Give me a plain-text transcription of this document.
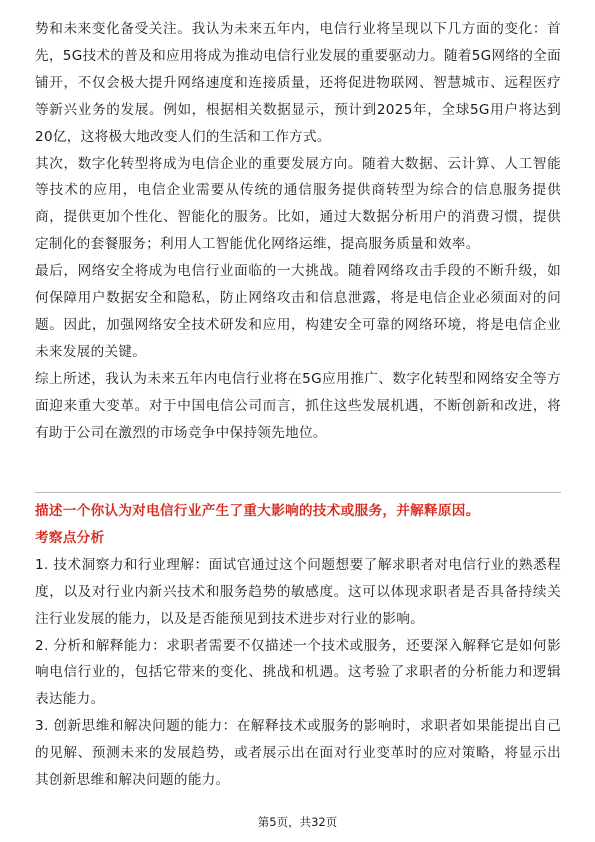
势和未来变化备受关注。我认为未来五年内，电信行业将呈现以下几方面的变化：首先，5G技术的普及和应用将成为推动电信行业发展的重要驱动力。随着5G网络的全面铺开，不仅会极大提升网络速度和连接质量，还将促进物联网、智慧城市、远程医疗等新兴业务的发展。例如，根据相关数据显示，预计到2025年，全球5G用户将达到20亿，这将极大地改变人们的生活和工作方式。

其次，数字化转型将成为电信企业的重要发展方向。随着大数据、云计算、人工智能等技术的应用，电信企业需要从传统的通信服务提供商转型为综合的信息服务提供商，提供更加个性化、智能化的服务。比如，通过大数据分析用户的消费习惯，提供定制化的套餐服务；利用人工智能优化网络运维，提高服务质量和效率。

最后，网络安全将成为电信行业面临的一大挑战。随着网络攻击手段的不断升级，如何保障用户数据安全和隐私，防止网络攻击和信息泄露，将是电信企业必须面对的问题。因此，加强网络安全技术研发和应用，构建安全可靠的网络环境，将是电信企业未来发展的关键。

综上所述，我认为未来五年内电信行业将在5G应用推广、数字化转型和网络安全等方面迎来重大变革。对于中国电信公司而言，抓住这些发展机遇，不断创新和改进，将有助于公司在激烈的市场竞争中保持领先地位。

描述一个你认为对电信行业产生了重大影响的技术或服务，并解释原因。

考察点分析

1. 技术洞察力和行业理解：面试官通过这个问题想要了解求职者对电信行业的熟悉程度，以及对行业内新兴技术和服务趋势的敏感度。这可以体现求职者是否具备持续关注行业发展的能力，以及是否能预见到技术进步对行业的影响。

2. 分析和解释能力：求职者需要不仅描述一个技术或服务，还要深入解释它是如何影响电信行业的，包括它带来的变化、挑战和机遇。这考验了求职者的分析能力和逻辑表达能力。

3. 创新思维和解决问题的能力：在解释技术或服务的影响时，求职者如果能提出自己的见解、预测未来的发展趋势，或者展示出在面对行业变革时的应对策略，将显示出其创新思维和解决问题的能力。

第5页，共32页
